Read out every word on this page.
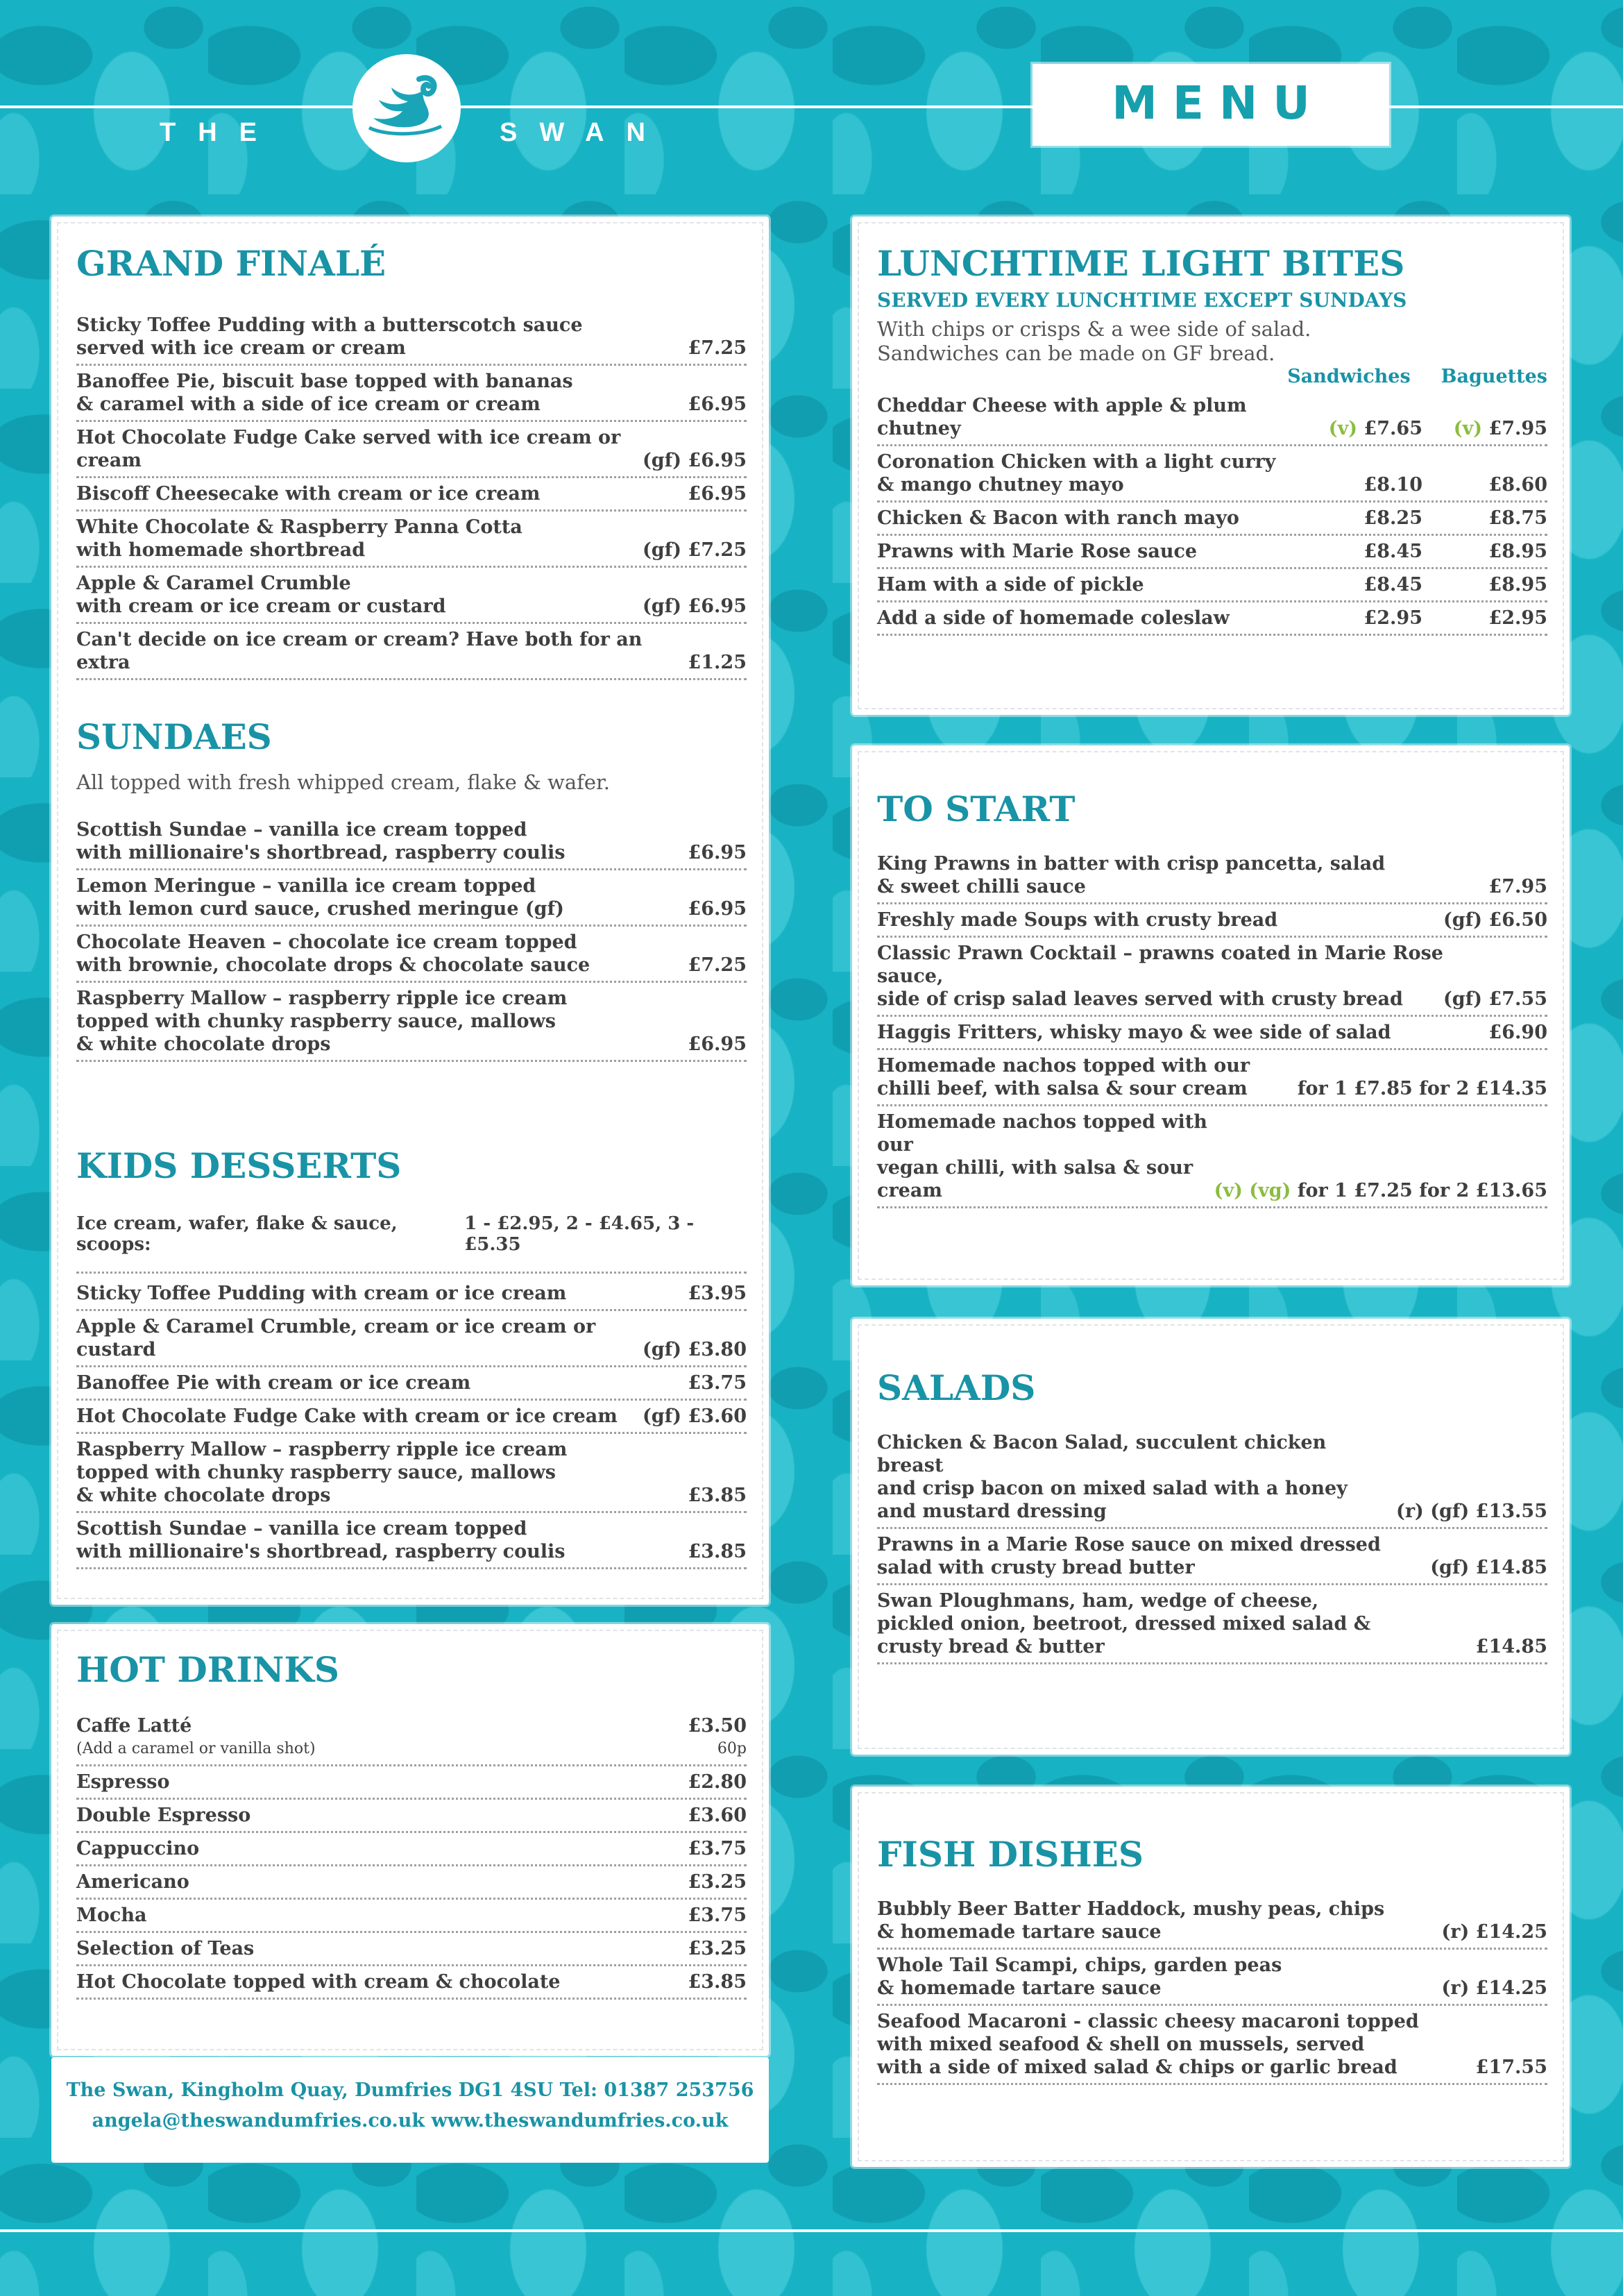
THE	SWAN
MENU
GRAND FINALÉ
Sticky Toffee Pudding with a butterscotch sauce
served with ice cream or cream	£7.25
Banoffee Pie, biscuit base topped with bananas
& caramel with a side of ice cream or cream	£6.95
Hot Chocolate Fudge Cake served with ice cream or cream	(gf) £6.95
Biscoff Cheesecake with cream or ice cream	£6.95
White Chocolate & Raspberry Panna Cotta
with homemade shortbread	(gf) £7.25
Apple & Caramel Crumble
with cream or ice cream or custard	(gf) £6.95
Can't decide on ice cream or cream? Have both for an extra	£1.25
SUNDAES
All topped with fresh whipped cream, flake & wafer.
Scottish Sundae – vanilla ice cream topped
with millionaire's shortbread, raspberry coulis	£6.95
Lemon Meringue – vanilla ice cream topped
with lemon curd sauce, crushed meringue (gf)	£6.95
Chocolate Heaven – chocolate ice cream topped
with brownie, chocolate drops & chocolate sauce	£7.25
Raspberry Mallow – raspberry ripple ice cream
topped with chunky raspberry sauce, mallows
& white chocolate drops	£6.95
KIDS DESSERTS
Ice cream, wafer, flake & sauce, scoops:
1 - £2.95, 2 - £4.65, 3 - £5.35
Sticky Toffee Pudding with cream or ice cream	£3.95
Apple & Caramel Crumble, cream or ice cream or custard	(gf) £3.80
Banoffee Pie with cream or ice cream	£3.75
Hot Chocolate Fudge Cake with cream or ice cream (gf) £3.60
Raspberry Mallow – raspberry ripple ice cream
topped with chunky raspberry sauce, mallows
& white chocolate drops	£3.85
Scottish Sundae – vanilla ice cream topped
with millionaire's shortbread, raspberry coulis	£3.85
HOT DRINKS
Caffe Latté	£3.50
(Add a caramel or vanilla shot)	60p
Espresso	£2.80
Double Espresso	£3.60
Cappuccino	£3.75
Americano	£3.25
Mocha	£3.75
Selection of Teas	£3.25
Hot Chocolate topped with cream & chocolate	£3.85
The Swan, Kingholm Quay, Dumfries DG1 4SU Tel: 01387 253756
angela@theswandumfries.co.uk www.theswandumfries.co.uk
LUNCHTIME LIGHT BITES
SERVED EVERY LUNCHTIME EXCEPT SUNDAYS
With chips or crisps & a wee side of salad.
Sandwiches can be made on GF bread.
Sandwiches Baguettes
Cheddar Cheese with apple & plum chutney	(v) £7.65 (v) £7.95
Coronation Chicken with a light curry
& mango chutney mayo	£8.10	£8.60
Chicken & Bacon with ranch mayo	£8.25	£8.75
Prawns with Marie Rose sauce	£8.45	£8.95
Ham with a side of pickle	£8.45	£8.95
Add a side of homemade coleslaw	£2.95	£2.95
TO START
King Prawns in batter with crisp pancetta, salad
& sweet chilli sauce	£7.95
Freshly made Soups with crusty bread	(gf) £6.50
Classic Prawn Cocktail – prawns coated in Marie Rose sauce,
side of crisp salad leaves served with crusty bread	(gf) £7.55
Haggis Fritters, whisky mayo & wee side of salad	£6.90
Homemade nachos topped with our
chilli beef, with salsa & sour cream	for 1 £7.85 for 2 £14.35
Homemade nachos topped with our
vegan chilli, with salsa & sour cream	(v) (vg) for 1 £7.25 for 2 £13.65
SALADS
Chicken & Bacon Salad, succulent chicken breast
and crisp bacon on mixed salad with a honey
and mustard dressing	(r) (gf) £13.55
Prawns in a Marie Rose sauce on mixed dressed
salad with crusty bread butter	(gf) £14.85
Swan Ploughmans, ham, wedge of cheese,
pickled onion, beetroot, dressed mixed salad &
crusty bread & butter	£14.85
FISH DISHES
Bubbly Beer Batter Haddock, mushy peas, chips
& homemade tartare sauce	(r) £14.25
Whole Tail Scampi, chips, garden peas
& homemade tartare sauce	(r) £14.25
Seafood Macaroni - classic cheesy macaroni topped
with mixed seafood & shell on mussels, served
with a side of mixed salad & chips or garlic bread	£17.55
